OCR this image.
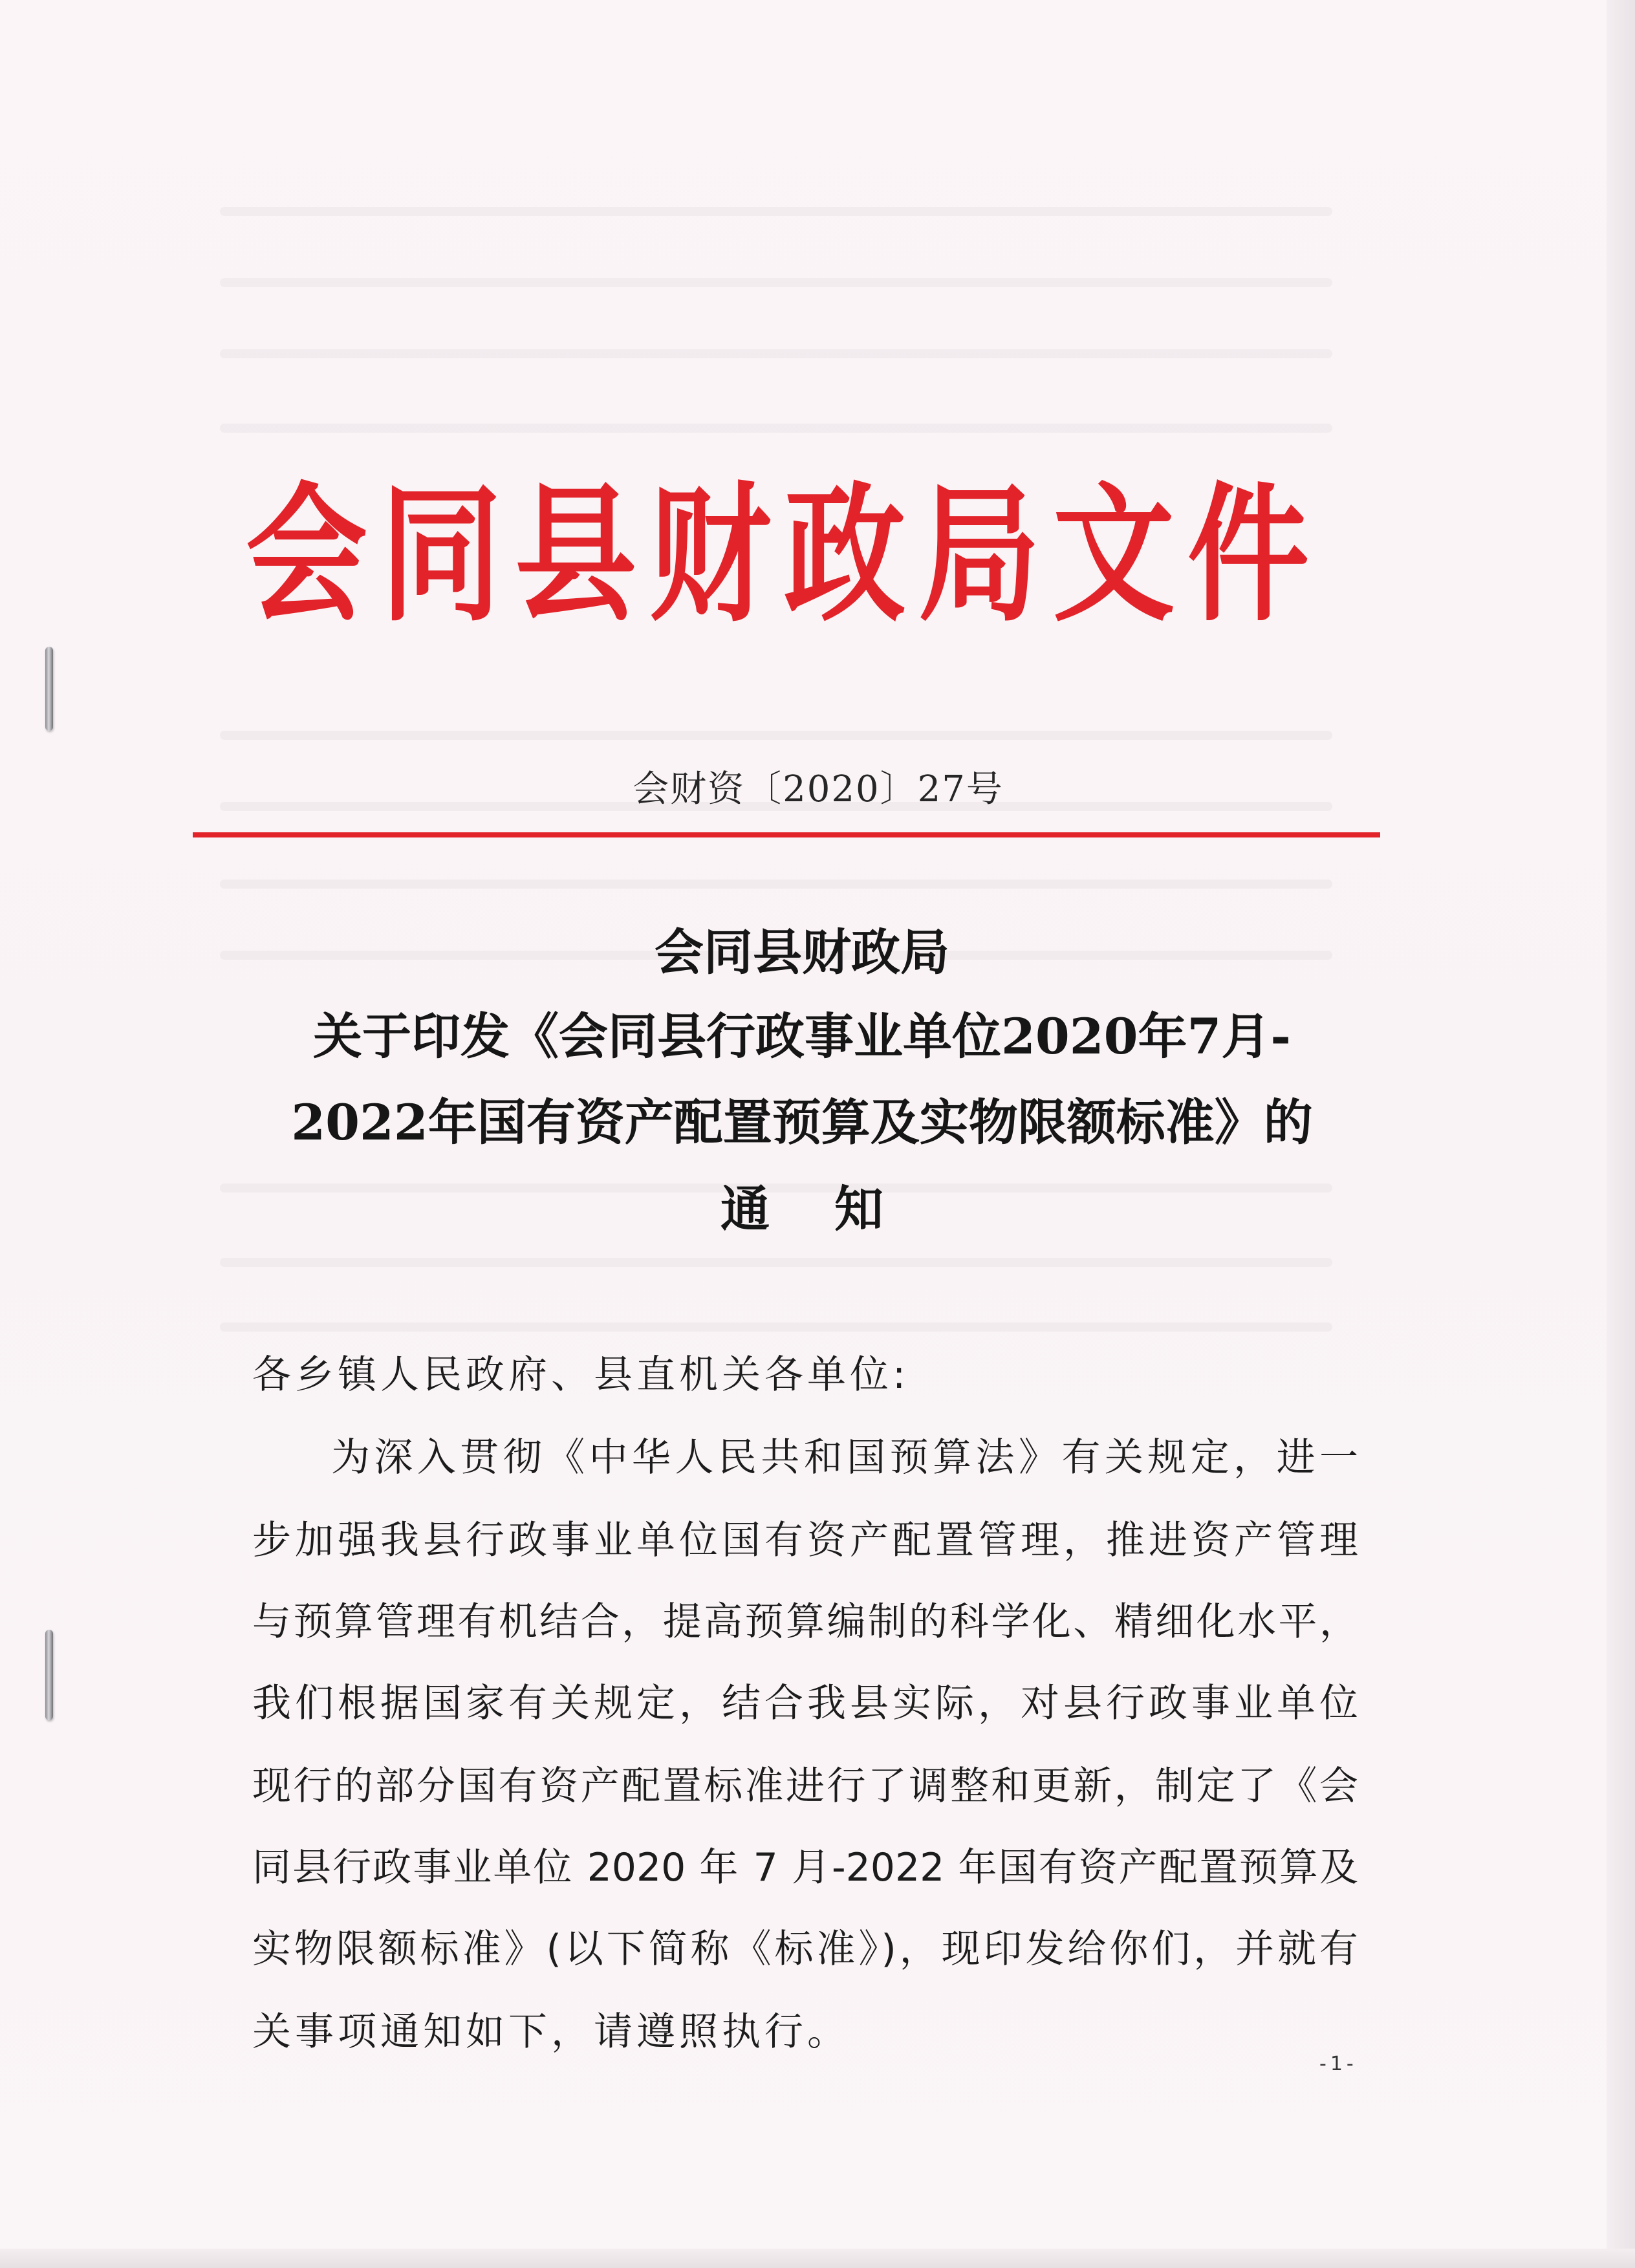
会同县财政局文件
会财资〔2020〕27号
会同县财政局
关于印发《会同县行政事业单位2020年7月-
2022年国有资产配置预算及实物限额标准》的
通知
各乡镇人民政府、县直机关各单位:
为深入贯彻《中华人民共和国预算法》有关规定，进一
步加强我县行政事业单位国有资产配置管理，推进资产管理
与预算管理有机结合，提高预算编制的科学化、精细化水平，
我们根据国家有关规定，结合我县实际，对县行政事业单位
现行的部分国有资产配置标准进行了调整和更新，制定了《会
同县行政事业单位 2020 年 7 月-2022 年国有资产配置预算及
实物限额标准》(以下简称《标准》)，现印发给你们，并就有
关事项通知如下，请遵照执行。
-1-
